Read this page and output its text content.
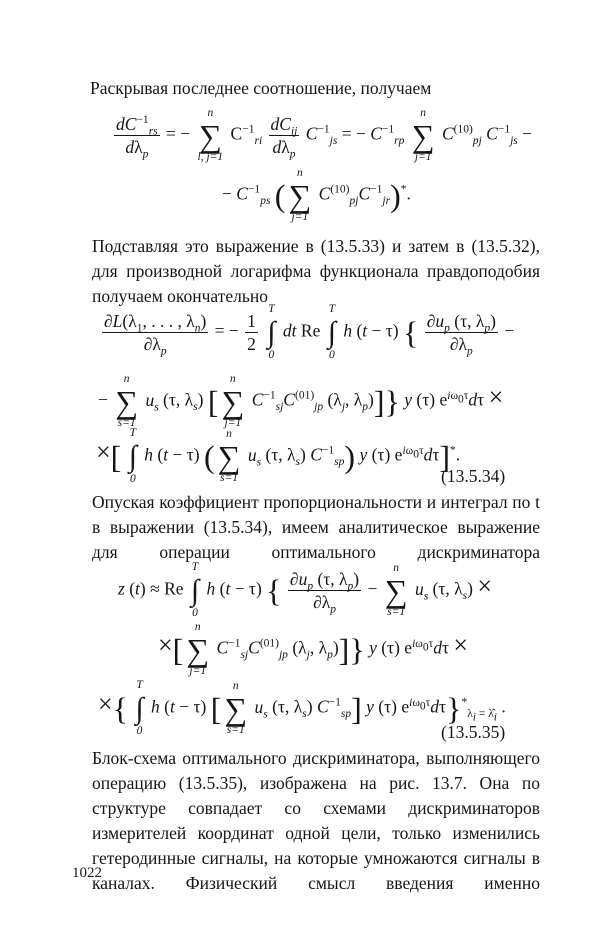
Раскрывая последнее соотношение, получаем

$\frac{dC^{-1}_{rs}}{d\lambda_p}$ = −
n
∑
l, j=1
$C^{-1}_{ri} \frac{dC_{ij}}{d\lambda_p} C^{-1}_{js}$ = − $C^{-1}_{rp}$
n
∑
j=1
$C^{(10)}_{pj}$ $C^{-1}_{js}$ −
− $C^{-1}_{ps}$ (
n
∑
j=1
$C^{(10)}_{pj}C^{-1}_{jr})^*$.

Подставляя это выражение в (13.5.33) и затем в (13.5.32), для производной логарифма функционала правдоподобия получаем окончательно

$\frac{\partial L(\lambda_1, . . . , \lambda_n)}{\partial\lambda_p}$ = − $\frac{1}{2}$

T
∫
0
dt Re
T
∫
0
h (t − τ) { $\frac{\partial u_p (\tau, \lambda_p)}{\partial\lambda_p}$ −
−
n
∑
s=1
$u_s$ (τ, $\lambda_s$) [
n
∑
j=1
$C^{-1}_{sj}C^{(01)}_{jp}$ ($\lambda_j$, $\lambda_p$)]} y (τ) $e^{i\omega_0\tau}d\tau$ ×
×[
T
∫
0
h (t − τ) (
n
∑
s=1
$u_s$ (τ, $\lambda_s$) $C^{-1}_{sp}$) y (τ) $e^{i\omega_0\tau}d\tau]^*$.
(13.5.34)

Опуская коэффициент пропорциональности и интеграл по t в выражении (13.5.34), имеем аналитическое выражение для операции оптимального дискриминатора

z (t) ≈ Re
T
∫
0
h (t − τ) { $\frac{\partial u_p (\tau, \lambda_p)}{\partial\lambda_p}$ −
n
∑
s=1
$u_s$ (τ, $\lambda_s$) ×
×[
n
∑
j=1
$C^{-1}_{sj}C^{(01)}_{jp}$ ($\lambda_j$, $\lambda_p$)]} y (τ) $e^{i\omega_0\tau}d\tau$ ×
×{
T
∫
0
h (t − τ) [
n
∑
s=1
$u_s$ (τ, $\lambda_s$) $C^{-1}_{sp}$] y (τ) $e^{i\omega_0\tau}d\tau\}^*_{\lambda_i = \lambdâ_i}$ .
(13.5.35)

Блок-схема оптимального дискриминатора, выполняющего операцию (13.5.35), изображена на рис. 13.7. Она по структуре совпадает со схемами дискриминаторов измерителей координат одной цели, только изменились гетеродинные сигналы, на которые умножаются сигналы в каналах. Физический смысл введения именно

1022
